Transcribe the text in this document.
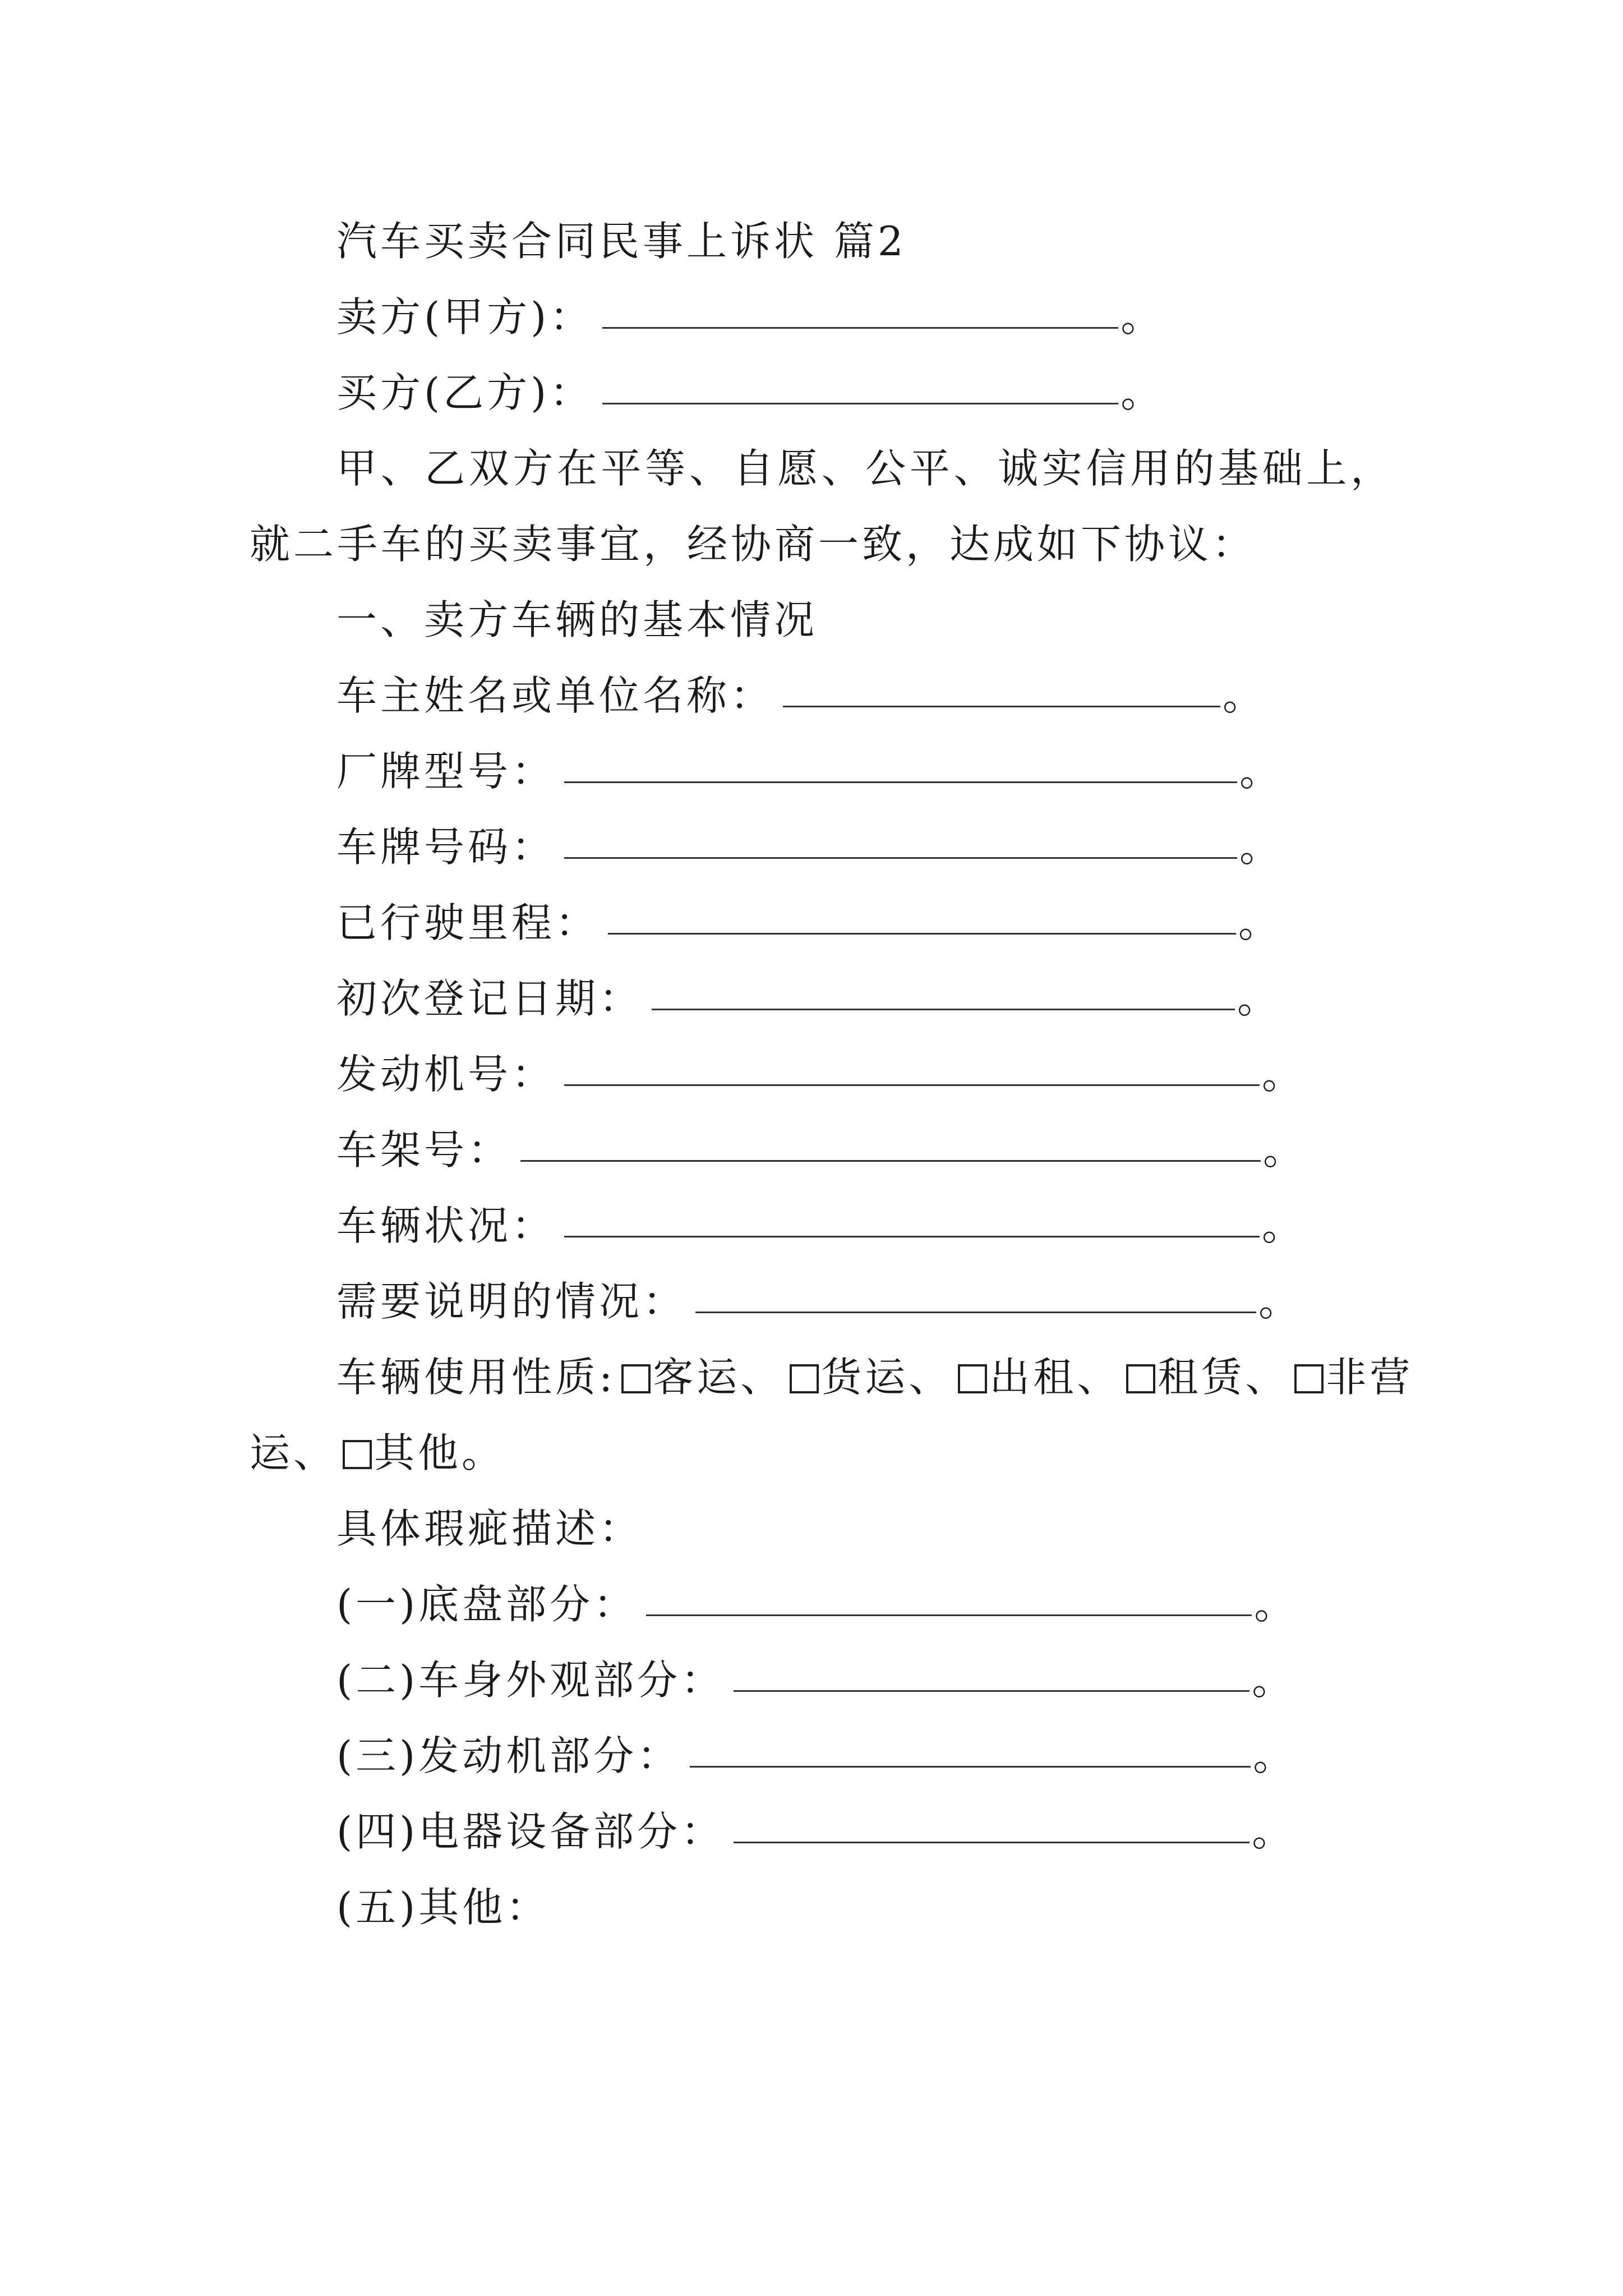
汽车买卖合同民事上诉状 篇2
卖方(甲方)：	。
买方(乙方)：	。
甲、乙双方在平等、自愿、公平、诚实信用的基础上，
就二手车的买卖事宜，经协商一致，达成如下协议：
一、卖方车辆的基本情况
车主姓名或单位名称：	。
厂牌型号：	。
车牌号码：	。
已行驶里程：	。
初次登记日期：	。
发动机号：	。
车架号：	。
车辆状况：	。
需要说明的情况：	。
车辆使用性质: 客运、 货运、 出租、 租赁、 非营
运、 其他。
具体瑕疵描述：
(一)底盘部分：	。
(二)车身外观部分：	。
(三)发动机部分：	。
(四)电器设备部分：	。
(五)其他：
